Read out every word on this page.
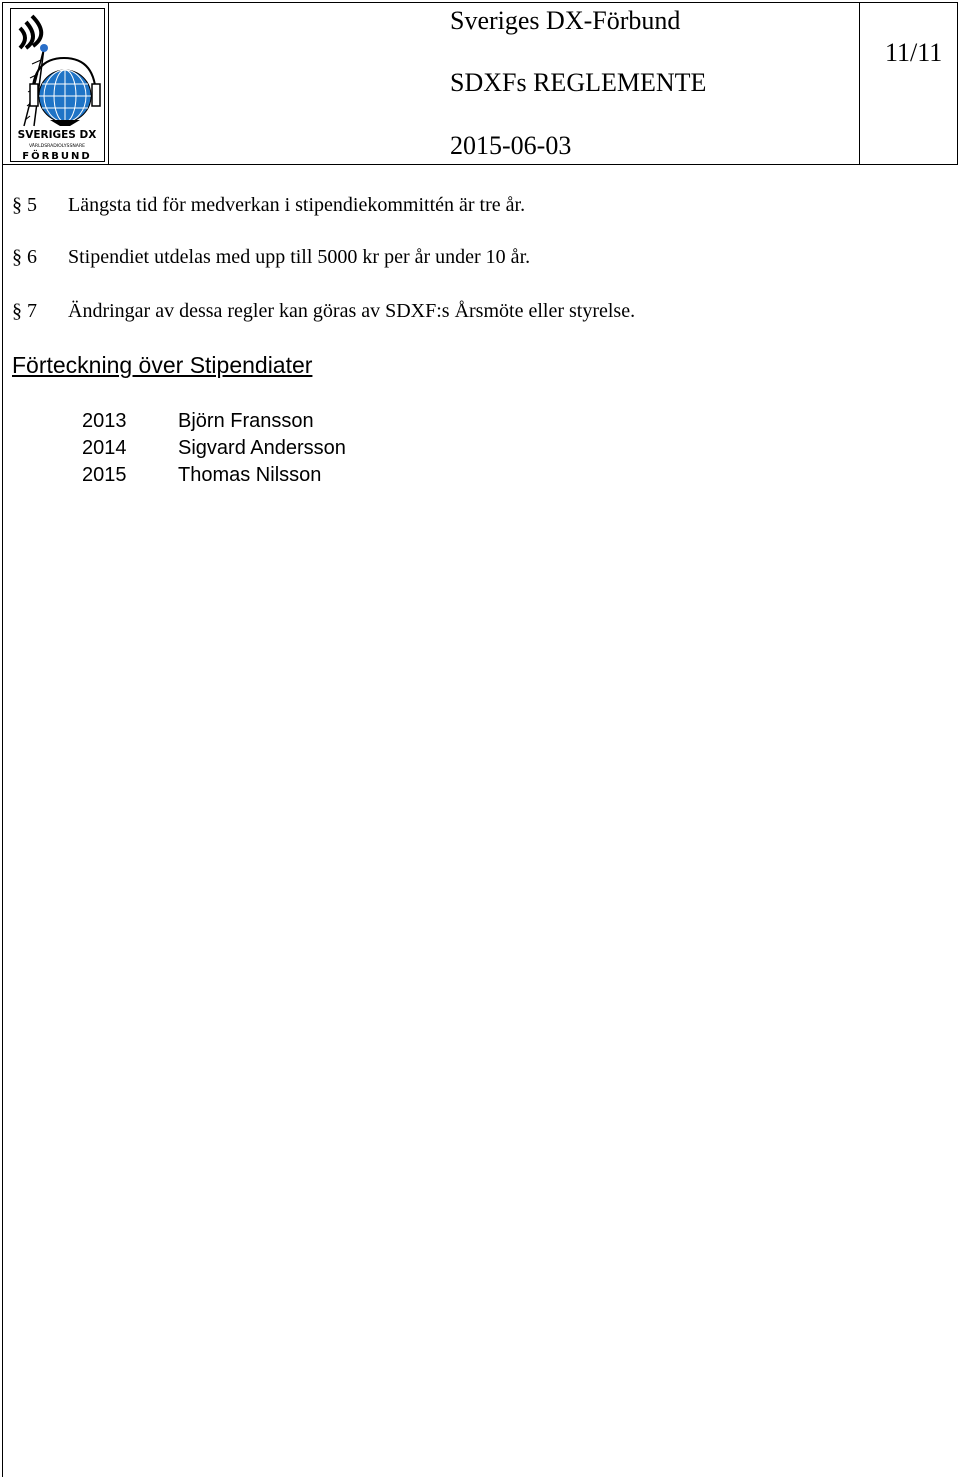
SVERIGES DX
VÄRLDSRADIOLYSSNARE
FÖRBUND
Sveriges DX-Förbund
SDXFs REGLEMENTE
2015-06-03
11/11
§ 5 Längsta tid för medverkan i stipendiekommittén är tre år.
§ 6 Stipendiet utdelas med upp till 5000 kr per år under 10 år.
§ 7 Ändringar av dessa regler kan göras av SDXF:s Årsmöte eller styrelse.
Förteckning över Stipendiater
2013	Björn Fransson
2014	Sigvard Andersson
2015	Thomas Nilsson
